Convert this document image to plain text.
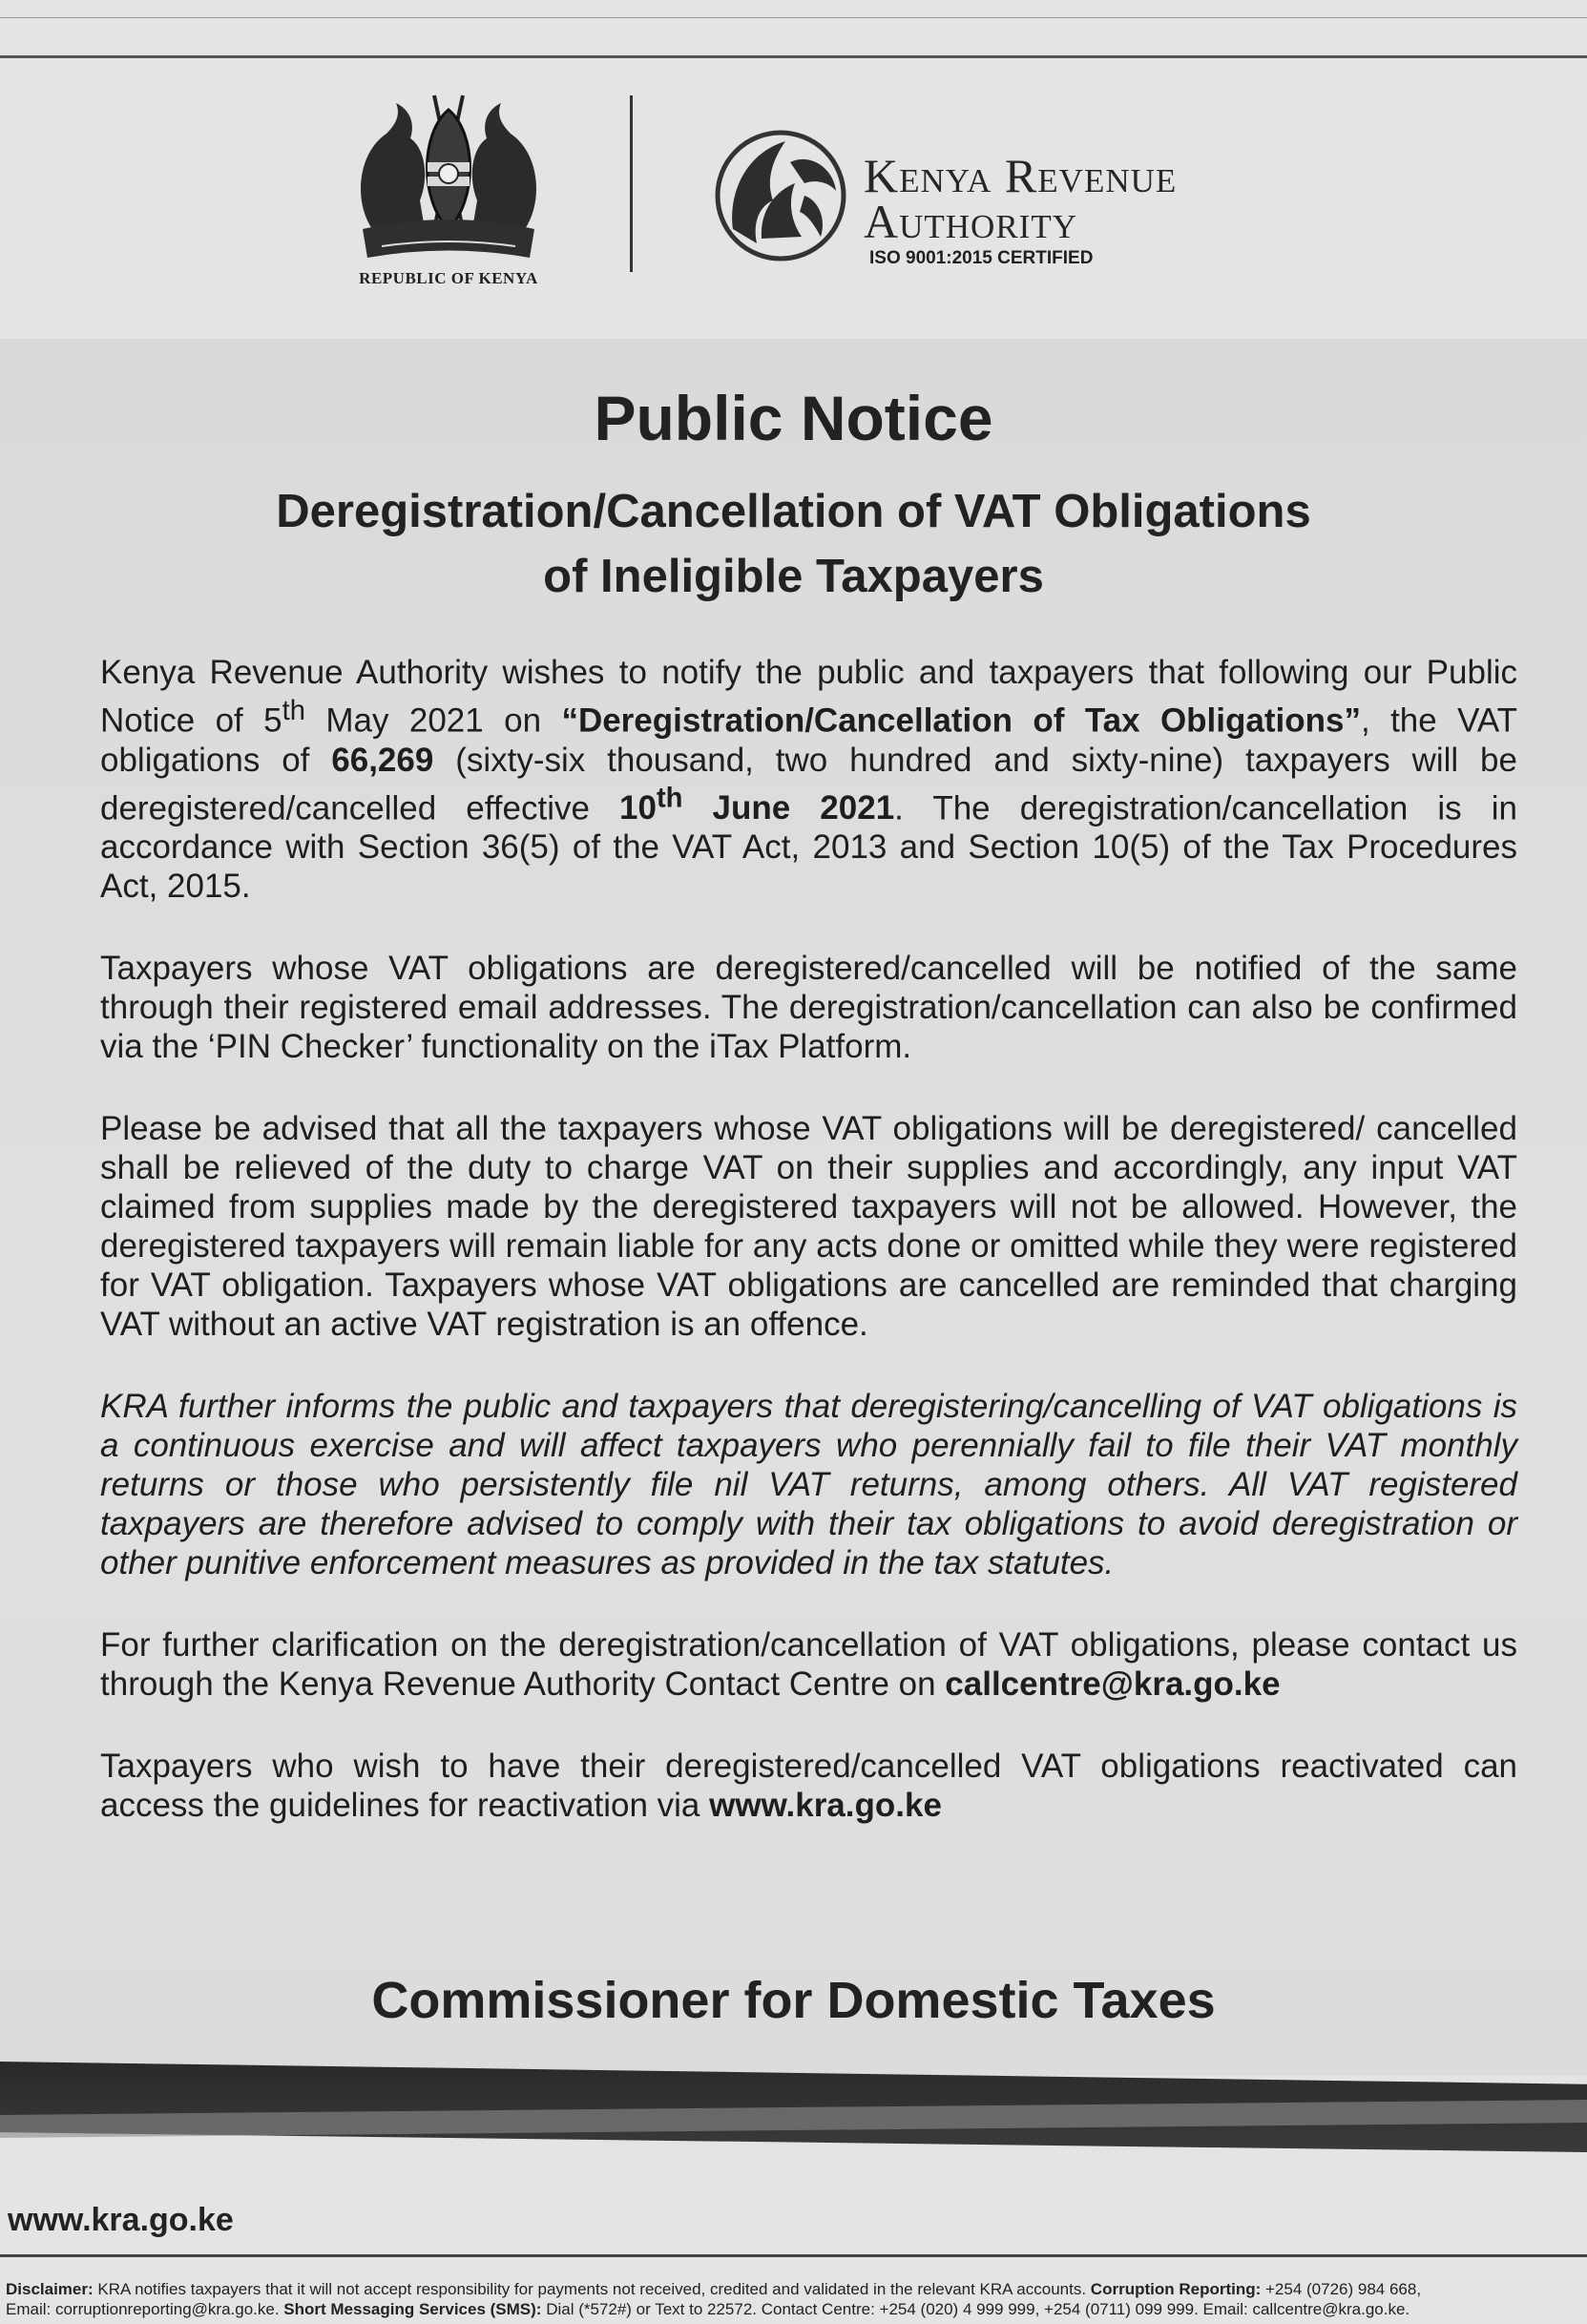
REPUBLIC OF KENYA
Kenya Revenue
Authority
ISO 9001:2015 CERTIFIED
Public Notice
Deregistration/Cancellation of VAT Obligations
of Ineligible Taxpayers

Kenya Revenue Authority wishes to notify the public and taxpayers that following our Public Notice of 5th May 2021 on “Deregistration/Cancellation of Tax Obligations”, the VAT obligations of 66,269 (sixty-six thousand, two hundred and sixty-nine) taxpayers will be deregistered/cancelled effective 10th June 2021. The deregistration/cancellation is in accordance with Section 36(5) of the VAT Act, 2013 and Section 10(5) of the Tax Procedures Act, 2015.

Taxpayers whose VAT obligations are deregistered/cancelled will be notified of the same through their registered email addresses. The deregistration/cancellation can also be confirmed via the ‘PIN Checker’ functionality on the iTax Platform.

Please be advised that all the taxpayers whose VAT obligations will be deregistered/ cancelled shall be relieved of the duty to charge VAT on their supplies and accordingly, any input VAT claimed from supplies made by the deregistered taxpayers will not be allowed. However, the deregistered taxpayers will remain liable for any acts done or omitted while they were registered for VAT obligation. Taxpayers whose VAT obligations are cancelled are reminded that charging VAT without an active VAT registration is an offence.

KRA further informs the public and taxpayers that deregistering/cancelling of VAT obligations is a continuous exercise and will affect taxpayers who perennially fail to file their VAT monthly returns or those who persistently file nil VAT returns, among others. All VAT registered taxpayers are therefore advised to comply with their tax obligations to avoid deregistration or other punitive enforcement measures as provided in the tax statutes.

For further clarification on the deregistration/cancellation of VAT obligations, please contact us through the Kenya Revenue Authority Contact Centre on callcentre@kra.go.ke

Taxpayers who wish to have their deregistered/cancelled VAT obligations reactivated can access the guidelines for reactivation via www.kra.go.ke

Commissioner for Domestic Taxes
www.kra.go.ke
Disclaimer: KRA notifies taxpayers that it will not accept responsibility for payments not received, credited and validated in the relevant KRA accounts. Corruption Reporting: +254 (0726) 984 668,
Email: corruptionreporting@kra.go.ke. Short Messaging Services (SMS): Dial (*572#) or Text to 22572. Contact Centre: +254 (020) 4 999 999, +254 (0711) 099 999. Email: callcentre@kra.go.ke.
